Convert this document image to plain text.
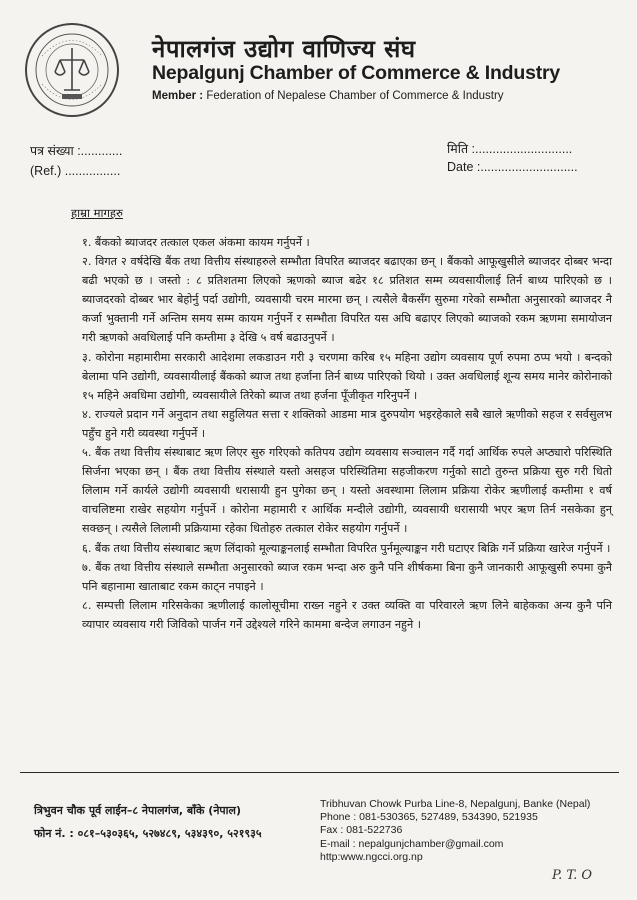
नेपालगंज उद्योग वाणिज्य संघ
Nepalgunj Chamber of Commerce & Industry
Member : Federation of Nepalese Chamber of Commerce & Industry
पत्र संख्या :............
(Ref.) ................
मिति :............................
Date :............................
हाम्रा मागहरु

१. बैंकको ब्याजदर तत्काल एकल अंकमा कायम गर्नुपर्ने ।

२. विगत २ वर्षदेखि बैंक तथा वित्तीय संस्थाहरुले सम्भौता विपरित ब्याजदर बढाएका छन् । बैंकको आफूखुसीले ब्याजदर दोब्बर भन्दा बढी भएको छ । जस्तो : ८ प्रतिशतमा लिएको ऋणको ब्याज बढेर १८ प्रतिशत सम्म व्यवसायीलाई तिर्न बाध्य पारिएको छ । ब्याजदरको दोब्बर भार बेहोर्नु पर्दा उद्योगी, व्यवसायी चरम मारमा छन् । त्यसैले बैकसँग सुरुमा गरेको सम्भौता अनुसारको ब्याजदर नै कर्जा भुक्तानी गर्ने अन्तिम समय सम्म कायम गर्नुपर्ने र सम्भौता विपरित यस अघि बढाएर लिएको ब्याजको रकम ऋणमा समायोजन गरी ऋणको अवधिलाई पनि कम्तीमा ३ देखि ५ वर्ष बढाउनुपर्ने ।

३. कोरोना महामारीमा सरकारी आदेशमा लकडाउन गरी ३ चरणमा करिब १५ महिना उद्योग व्यवसाय पूर्ण रुपमा ठप्प भयो । बन्दको बेलामा पनि उद्योगी, व्यवसायीलाई बैंकको ब्याज तथा हर्जाना तिर्न बाध्य पारिएको थियो । उक्त अवधिलाई शून्य समय मानेर कोरोनाको १५ महिने अवधिमा उद्योगी, व्यवसायीले तिरेको ब्याज तथा हर्जना पूँजीकृत गरिनुपर्ने ।

४. राज्यले प्रदान गर्ने अनुदान तथा सहुलियत सत्ता र शक्तिको आडमा मात्र दुरुपयोग भइरहेकाले सबै खाले ऋणीको सहज र सर्वसुलभ पहुँच हुने गरी व्यवस्था गर्नुपर्ने ।

५. बैंक तथा वित्तीय संस्थाबाट ऋण लिएर सुरु गरिएको कतिपय उद्योग व्यवसाय सञ्चालन गर्दै गर्दा आर्थिक रुपले अप्ठ्यारो परिस्थिति सिर्जना भएका छन् । बैंक तथा वित्तीय संस्थाले यस्तो असहज परिस्थितिमा सहजीकरण गर्नुको साटो तुरुन्त प्रक्रिया सुरु गरी धितो लिलाम गर्ने कार्यले उद्योगी व्यवसायी धरासायी हुन पुगेका छन् । यस्तो अवस्थामा लिलाम प्रक्रिया रोकेर ऋणीलाई कम्तीमा १ वर्ष वाचलिष्टमा राखेर सहयोग गर्नुपर्ने । कोरोना महामारी र आर्थिक मन्दीले उद्योगी, व्यवसायी धरासायी भएर ऋण तिर्न नसकेका हुन् सक्छन् । त्यसैले लिलामी प्रक्रियामा रहेका धितोहरु तत्काल रोकेर सहयोग गर्नुपर्ने ।

६. बैंक तथा वित्तीय संस्थाबाट ऋण लिंदाको मूल्याङ्कनलाई सम्भौता विपरित पुर्नमूल्याङ्कन गरी घटाएर बिक्रि गर्ने प्रक्रिया खारेज गर्नुपर्ने ।

७. बैंक तथा वित्तीय संस्थाले सम्भौता अनुसारको ब्याज रकम भन्दा अरु कुनै पनि शीर्षकमा बिना कुनै जानकारी आफूखुसी रुपमा कुनै पनि बहानामा खाताबाट रकम काट्न नपाइने ।

८. सम्पत्ती लिलाम गरिसकेका ऋणीलाई कालोसूचीमा राख्न नहुने र उक्त व्यक्ति वा परिवारले ऋण लिने बाहेकका अन्य कुनै पनि व्यापार व्यवसाय गरी जिविको पार्जन गर्ने उद्देश्यले गरिने काममा बन्देज लगाउन नहुने ।

त्रिभुवन चौक पूर्व लाईन–८ नेपालगंज, बाँके (नेपाल)
फोन नं. : ०८१–५३०३६५, ५२७४८९, ५३४३९०, ५२१९३५
Tribhuvan Chowk Purba Line-8, Nepalgunj, Banke (Nepal)
Phone : 081-530365, 527489, 534390, 521935
Fax : 081-522736
E-mail : nepalgunjchamber@gmail.com
http:www.ngcci.org.np
P. T. O
